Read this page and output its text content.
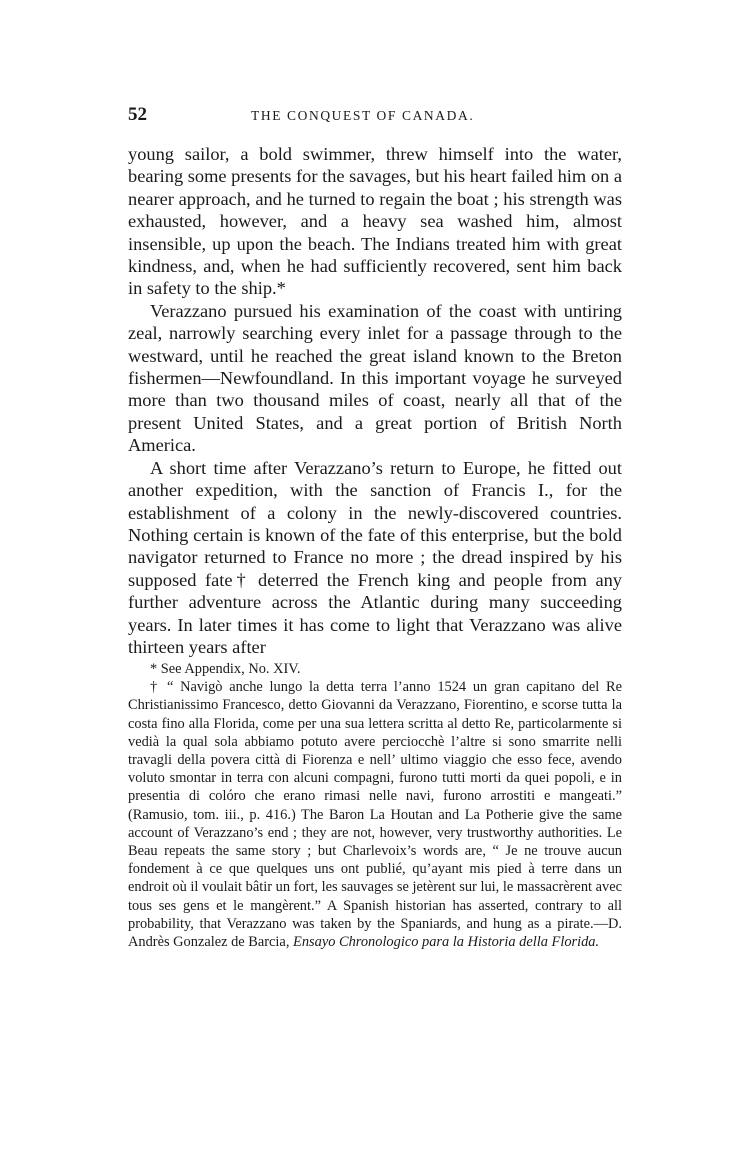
52	THE CONQUEST OF CANADA.

young sailor, a bold swimmer, threw himself into the water, bearing some presents for the savages, but his heart failed him on a nearer approach, and he turned to regain the boat ; his strength was exhausted, however, and a heavy sea washed him, almost insensible, up upon the beach. The Indians treated him with great kindness, and, when he had sufficiently recovered, sent him back in safety to the ship.*

Verazzano pursued his examination of the coast with untiring zeal, narrowly searching every inlet for a passage through to the westward, until he reached the great island known to the Breton fishermen—Newfoundland. In this important voyage he surveyed more than two thousand miles of coast, nearly all that of the present United States, and a great portion of British North America.

A short time after Verazzano’s return to Europe, he fitted out another expedition, with the sanction of Francis I., for the establishment of a colony in the newly-discovered countries. Nothing certain is known of the fate of this enterprise, but the bold navigator returned to France no more ; the dread inspired by his supposed fate† deterred the French king and people from any further adventure across the Atlantic during many succeeding years. In later times it has come to light that Verazzano was alive thirteen years after

* See Appendix, No. XIV.

† “ Navigò anche lungo la detta terra l’anno 1524 un gran capitano del Re Christianissimo Francesco, detto Giovanni da Verazzano, Fiorentino, e scorse tutta la costa fino alla Florida, come per una sua lettera scritta al detto Re, particolarmente si vedià la qual sola abbiamo potuto avere perciocchè l’altre si sono smarrite nelli travagli della povera città di Fiorenza e nell’ ultimo viaggio che esso fece, avendo voluto smontar in terra con alcuni compagni, furono tutti morti da quei popoli, e in presentia di colóro che erano rimasi nelle navi, furono arrostiti e mangeati.” (Ramusio, tom. iii., p. 416.) The Baron La Houtan and La Potherie give the same account of Verazzano’s end ; they are not, however, very trustworthy authorities. Le Beau repeats the same story ; but Charlevoix’s words are, “ Je ne trouve aucun fondement à ce que quelques uns ont publié, qu’ayant mis pied à terre dans un endroit où il voulait bâtir un fort, les sauvages se jetèrent sur lui, le massacrèrent avec tous ses gens et le mangèrent.” A Spanish historian has asserted, contrary to all probability, that Verazzano was taken by the Spaniards, and hung as a pirate.—D. Andrès Gonzalez de Barcia, Ensayo Chronologico para la Historia della Florida.
